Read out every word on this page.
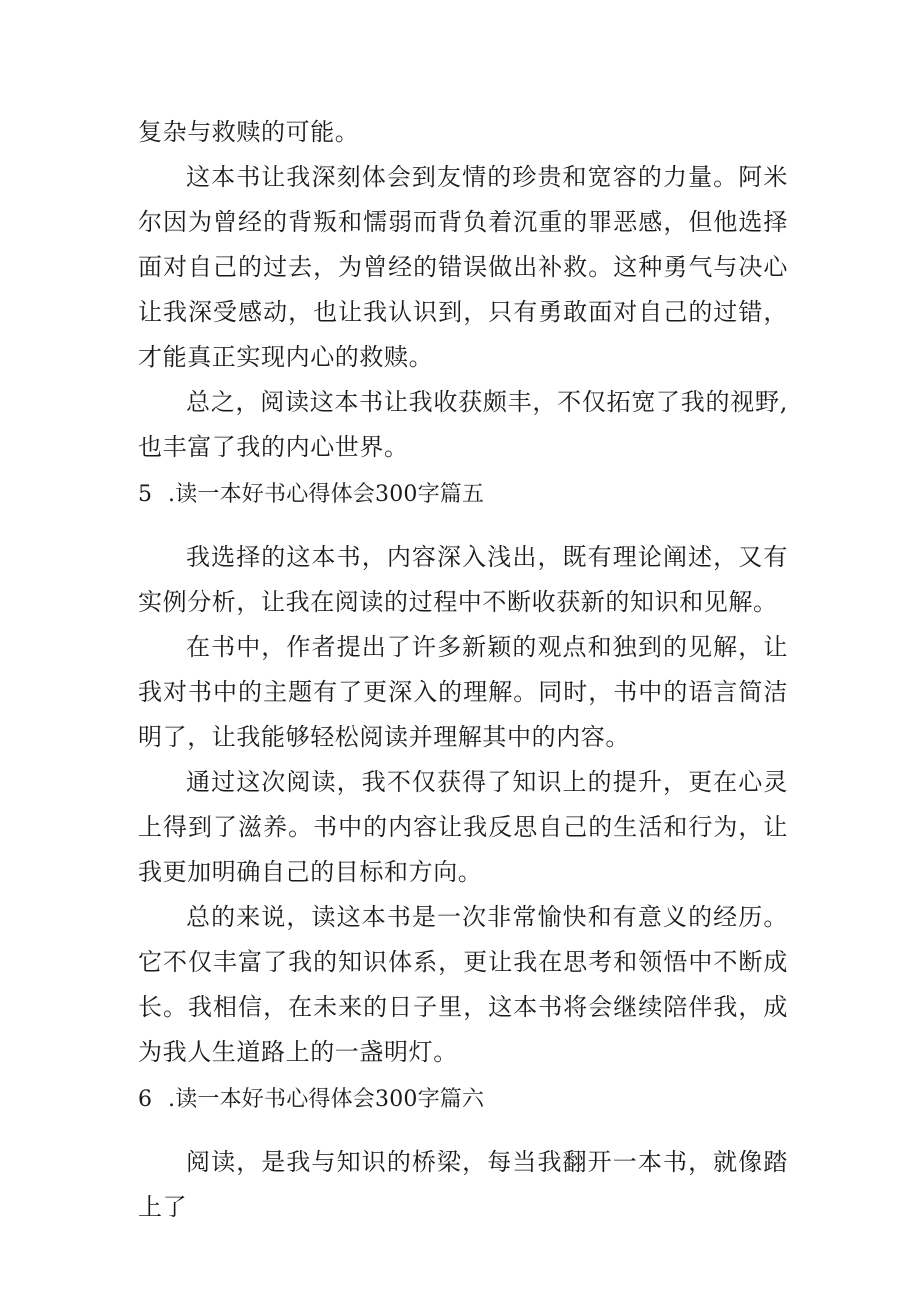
复杂与救赎的可能。

这本书让我深刻体会到友情的珍贵和宽容的力量。阿米尔因为曾经的背叛和懦弱而背负着沉重的罪恶感，但他选择面对自己的过去，为曾经的错误做出补救。这种勇气与决心让我深受感动，也让我认识到，只有勇敢面对自己的过错，才能真正实现内心的救赎。

总之，阅读这本书让我收获颇丰，不仅拓宽了我的视野,也丰富了我的内心世界。

5 .读一本好书心得体会300字篇五

我选择的这本书，内容深入浅出，既有理论阐述，又有实例分析，让我在阅读的过程中不断收获新的知识和见解。

在书中，作者提出了许多新颖的观点和独到的见解，让我对书中的主题有了更深入的理解。同时，书中的语言简洁明了，让我能够轻松阅读并理解其中的内容。

通过这次阅读，我不仅获得了知识上的提升，更在心灵上得到了滋养。书中的内容让我反思自己的生活和行为，让我更加明确自己的目标和方向。

总的来说，读这本书是一次非常愉快和有意义的经历。它不仅丰富了我的知识体系，更让我在思考和领悟中不断成长。我相信，在未来的日子里，这本书将会继续陪伴我，成为我人生道路上的一盏明灯。

6 .读一本好书心得体会300字篇六

阅读，是我与知识的桥梁，每当我翻开一本书，就像踏上了
